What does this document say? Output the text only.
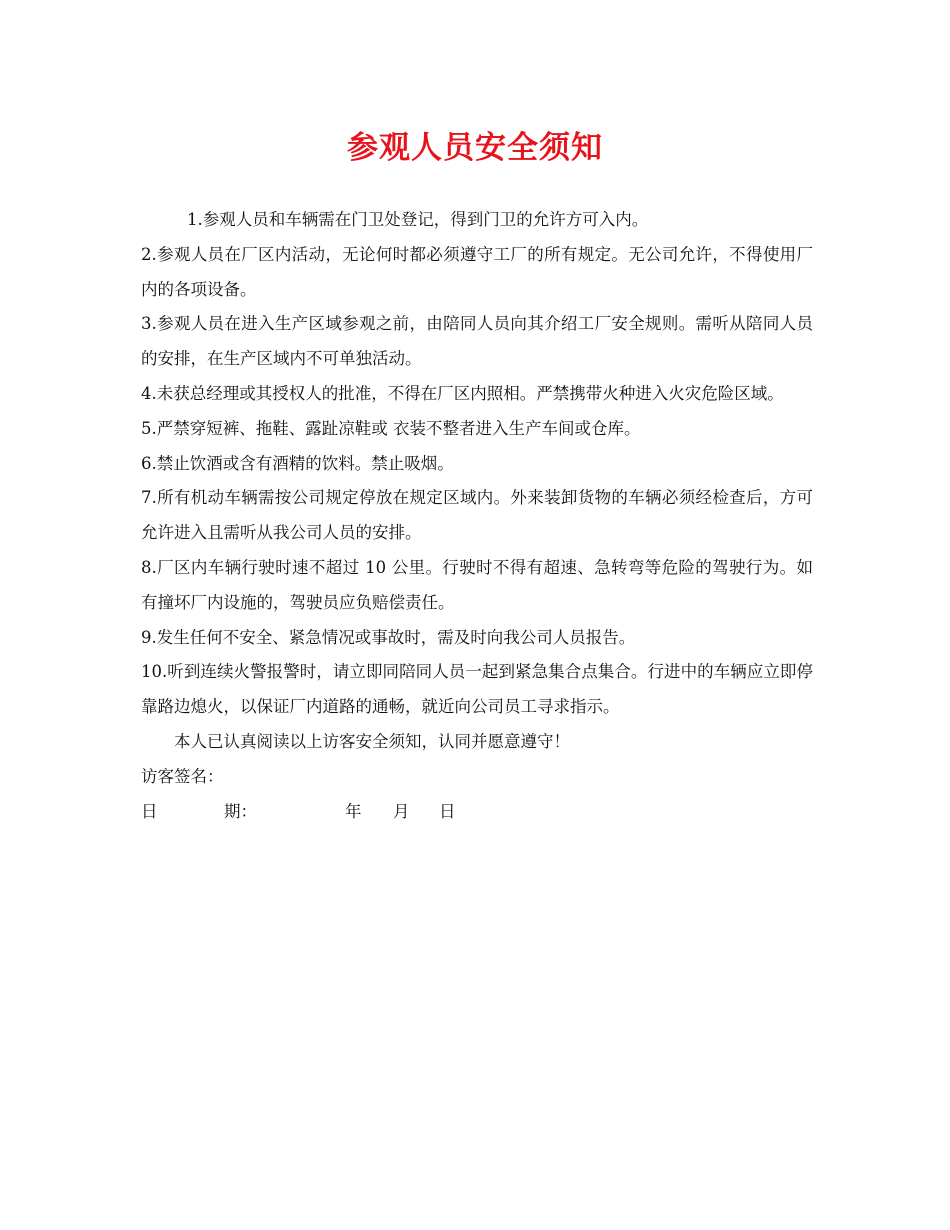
参观人员安全须知

1.参观人员和车辆需在门卫处登记，得到门卫的允许方可入内。

2.参观人员在厂区内活动，无论何时都必须遵守工厂的所有规定。无公司允许，不得使用厂内的各项设备。

3.参观人员在进入生产区域参观之前，由陪同人员向其介绍工厂安全规则。需听从陪同人员的安排，在生产区域内不可单独活动。

4.未获总经理或其授权人的批准，不得在厂区内照相。严禁携带火种进入火灾危险区域。

5.严禁穿短裤、拖鞋、露趾凉鞋或 衣装不整者进入生产车间或仓库。

6.禁止饮酒或含有酒精的饮料。禁止吸烟。

7.所有机动车辆需按公司规定停放在规定区域内。外来装卸货物的车辆必须经检查后，方可允许进入且需听从我公司人员的安排。

8.厂区内车辆行驶时速不超过 10 公里。行驶时不得有超速、急转弯等危险的驾驶行为。如有撞坏厂内设施的，驾驶员应负赔偿责任。

9.发生任何不安全、紧急情况或事故时，需及时向我公司人员报告。

10.听到连续火警报警时，请立即同陪同人员一起到紧急集合点集合。行进中的车辆应立即停靠路边熄火，以保证厂内道路的通畅，就近向公司员工寻求指示。

本人已认真阅读以上访客安全须知，认同并愿意遵守！

访客签名：

日	期：	年 月 日
